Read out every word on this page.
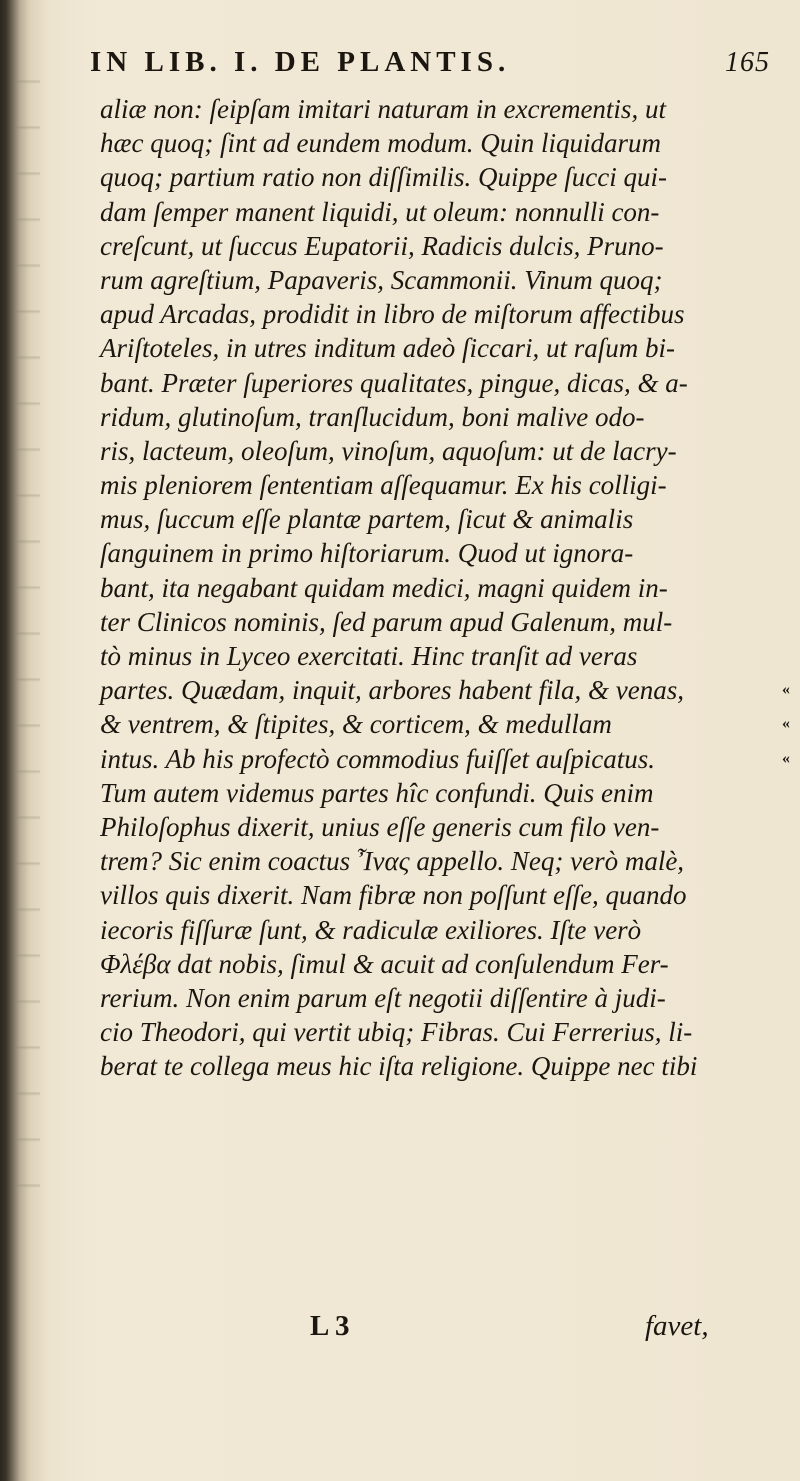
IN LIB. I. DE PLANTIS.	165
aliæ non: ſeipſam imitari naturam in excrementis, ut
hæc quoq; ſint ad eundem modum. Quin liquidarum
quoq; partium ratio non diſſimilis. Quippe ſucci qui-
dam ſemper manent liquidi, ut oleum: nonnulli con-
creſcunt, ut ſuccus Eupatorii, Radicis dulcis, Pruno-
rum agreſtium, Papaveris, Scammonii. Vinum quoq;
apud Arcadas, prodidit in libro de miſtorum affectibus
Ariſtoteles, in utres inditum adeò ſiccari, ut raſum bi-
bant. Præter ſuperiores qualitates, pingue, dicas, & a-
ridum, glutinoſum, tranſlucidum, boni malive odo-
ris, lacteum, oleoſum, vinoſum, aquoſum: ut de lacry-
mis pleniorem ſententiam aſſequamur. Ex his colligi-
mus, ſuccum eſſe plantæ partem, ſicut & animalis
ſanguinem in primo hiſtoriarum. Quod ut ignora-
bant, ita negabant quidam medici, magni quidem in-
ter Clinicos nominis, ſed parum apud Galenum, mul-
tò minus in Lyceo exercitati. Hinc tranſit ad veras
partes. Quædam, inquit, arbores habent fila, & venas,	«
& ventrem, & ſtipites, & corticem, & medullam	«
intus. Ab his profectò commodius fuiſſet auſpicatus.	«
Tum autem videmus partes hîc confundi. Quis enim
Philoſophus dixerit, unius eſſe generis cum filo ven-
trem? Sic enim coactus Ἶνας appello. Neq; verò malè,
villos quis dixerit. Nam fibræ non poſſunt eſſe, quando
iecoris fiſſuræ ſunt, & radiculæ exiliores. Iſte verò
Φλέβα dat nobis, ſimul & acuit ad conſulendum Fer-
rerium. Non enim parum eſt negotii diſſentire à judi-
cio Theodori, qui vertit ubiq; Fibras. Cui Ferrerius, li-
berat te collega meus hic iſta religione. Quippe nec tibi
L 3	favet,
